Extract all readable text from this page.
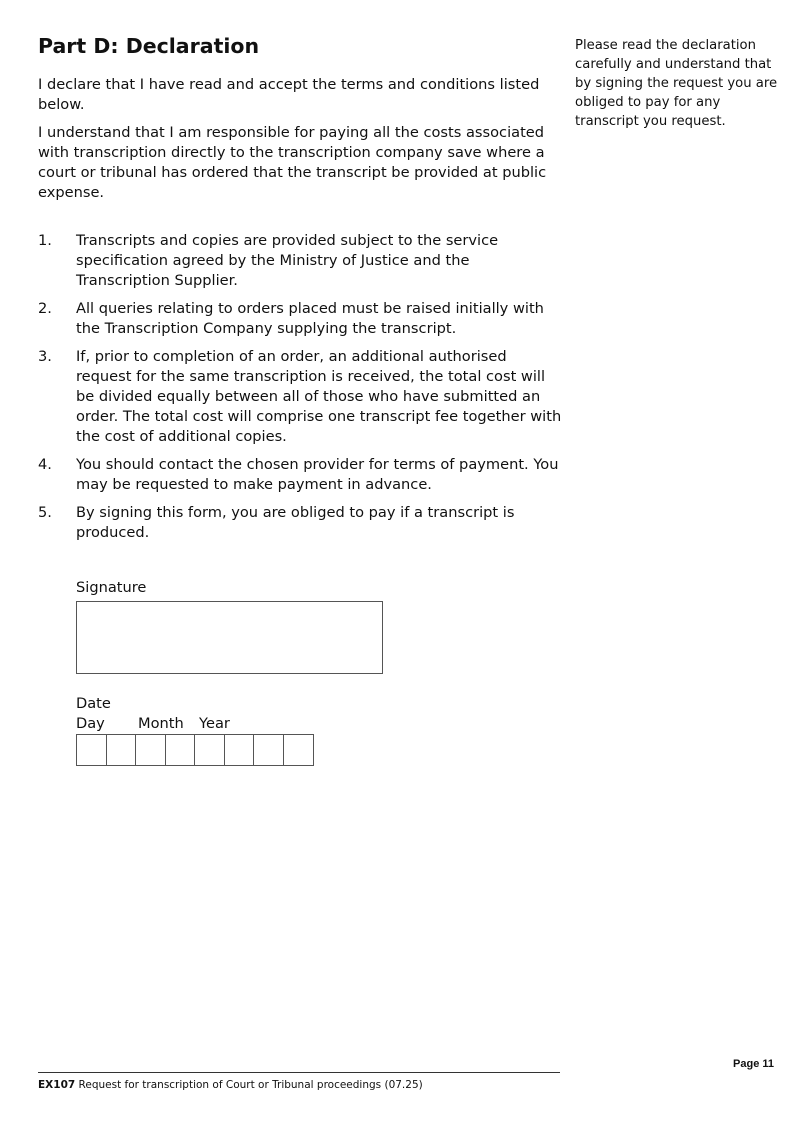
Part D: Declaration

I declare that I have read and accept the terms and conditions listed below.

I understand that I am responsible for paying all the costs associated with transcription directly to the transcription company save where a court or tribunal has ordered that the transcript be provided at public expense.

1.	Transcripts and copies are provided subject to the service specification agreed by the Ministry of Justice and the Transcription Supplier.
2.	All queries relating to orders placed must be raised initially with the Transcription Company supplying the transcript.
3.	If, prior to completion of an order, an additional authorised request for the same transcription is received, the total cost will be divided equally between all of those who have submitted an order. The total cost will comprise one transcript fee together with the cost of additional copies.
4.	You should contact the chosen provider for terms of payment. You may be requested to make payment in advance.
5.	By signing this form, you are obliged to pay if a transcript is produced.

Please read the declaration carefully and understand that by signing the request you are obliged to pay for any transcript you request.

Signature
Date
Day Month Year
Page 11
EX107 Request for transcription of Court or Tribunal proceedings (07.25)
